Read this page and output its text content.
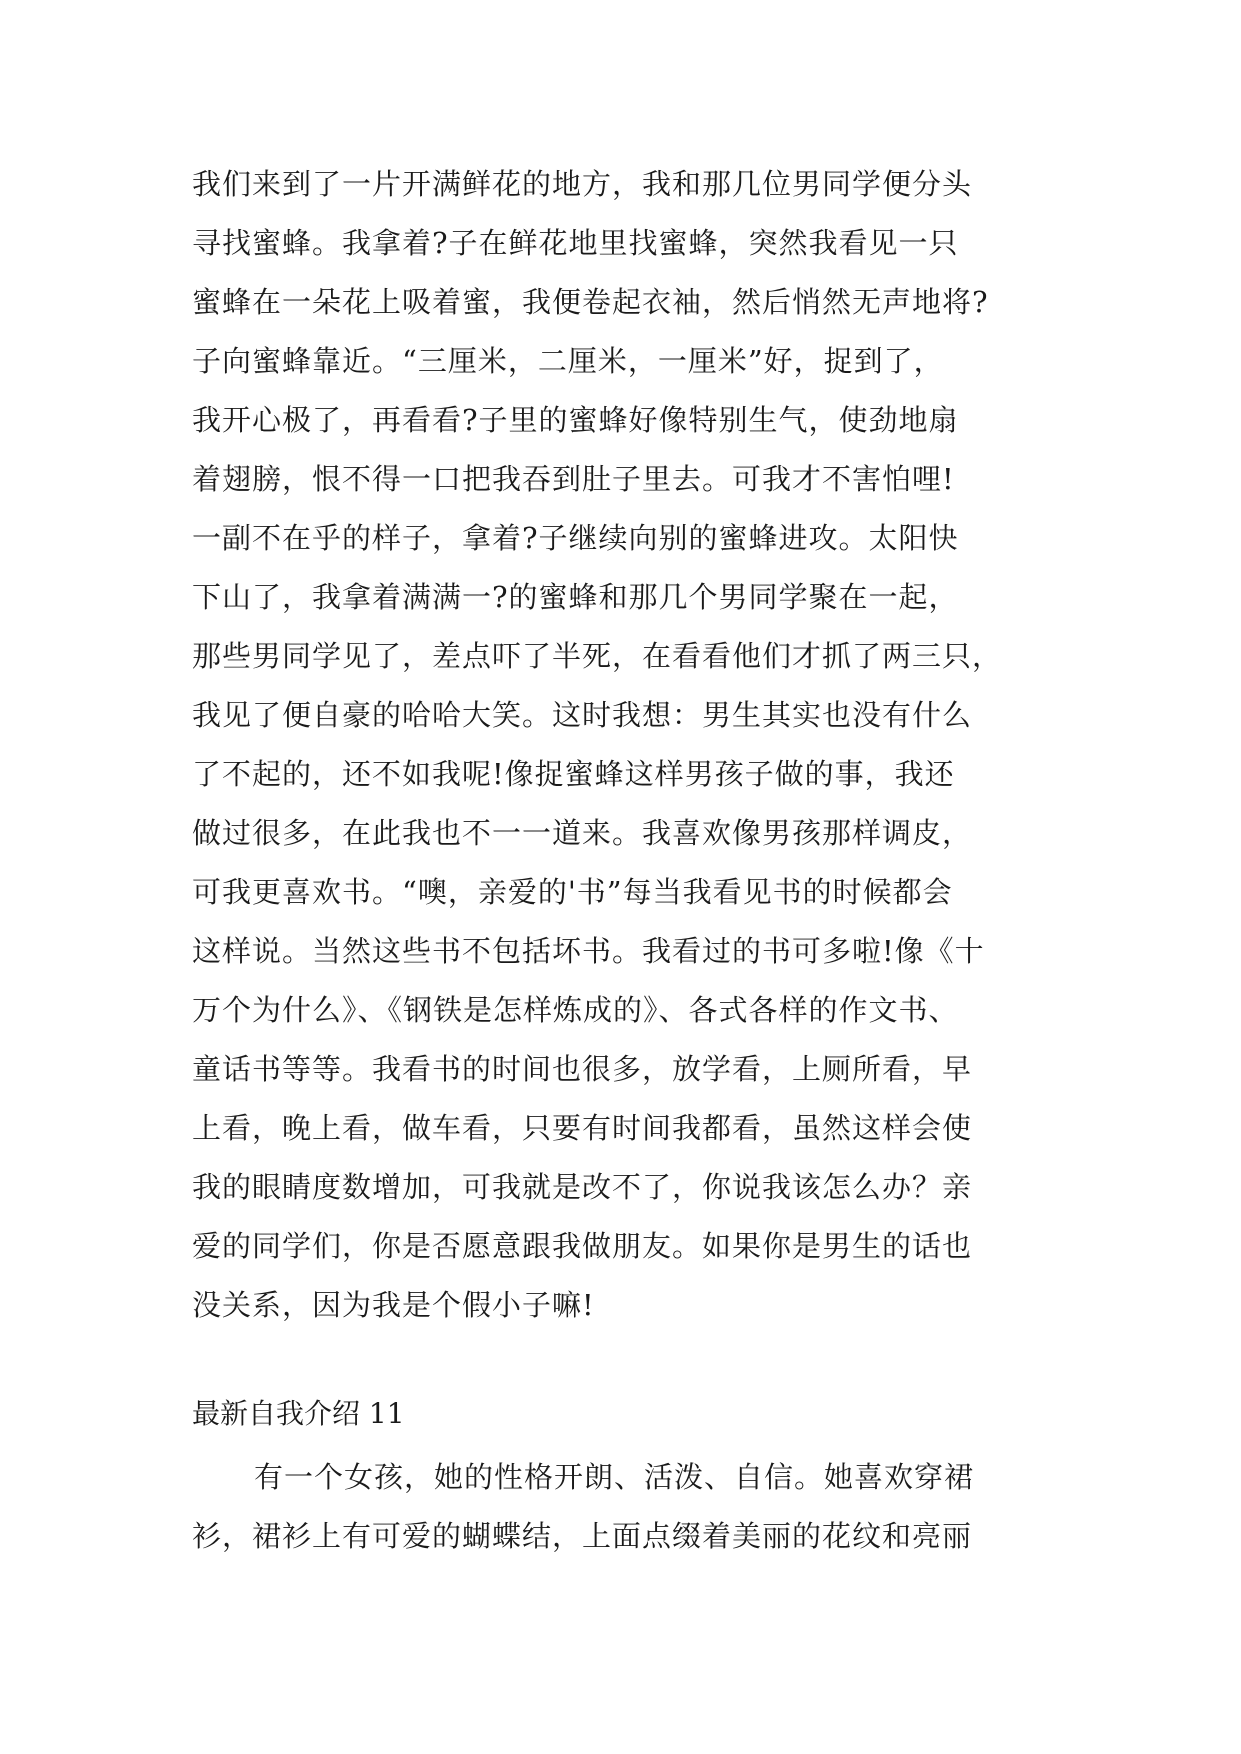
我们来到了一片开满鲜花的地方，我和那几位男同学便分头
寻找蜜蜂。我拿着?子在鲜花地里找蜜蜂，突然我看见一只
蜜蜂在一朵花上吸着蜜，我便卷起衣袖，然后悄然无声地将?
子向蜜蜂靠近。“三厘米，二厘米，一厘米”好，捉到了，
我开心极了，再看看?子里的蜜蜂好像特别生气，使劲地扇
着翅膀，恨不得一口把我吞到肚子里去。可我才不害怕哩!
一副不在乎的样子，拿着?子继续向别的蜜蜂进攻。太阳快
下山了，我拿着满满一?的蜜蜂和那几个男同学聚在一起，
那些男同学见了，差点吓了半死，在看看他们才抓了两三只，
我见了便自豪的哈哈大笑。这时我想：男生其实也没有什么
了不起的，还不如我呢!像捉蜜蜂这样男孩子做的事，我还
做过很多，在此我也不一一道来。我喜欢像男孩那样调皮，
可我更喜欢书。“噢，亲爱的'书”每当我看见书的时候都会
这样说。当然这些书不包括坏书。我看过的书可多啦!像《十
万个为什么》、《钢铁是怎样炼成的》、各式各样的作文书、
童话书等等。我看书的时间也很多，放学看，上厕所看，早
上看，晚上看，做车看，只要有时间我都看，虽然这样会使
我的眼睛度数增加，可我就是改不了，你说我该怎么办？亲
爱的同学们，你是否愿意跟我做朋友。如果你是男生的话也
没关系，因为我是个假小子嘛!
最新自我介绍 11
有一个女孩，她的性格开朗、活泼、自信。她喜欢穿裙
衫，裙衫上有可爱的蝴蝶结，上面点缀着美丽的花纹和亮丽
